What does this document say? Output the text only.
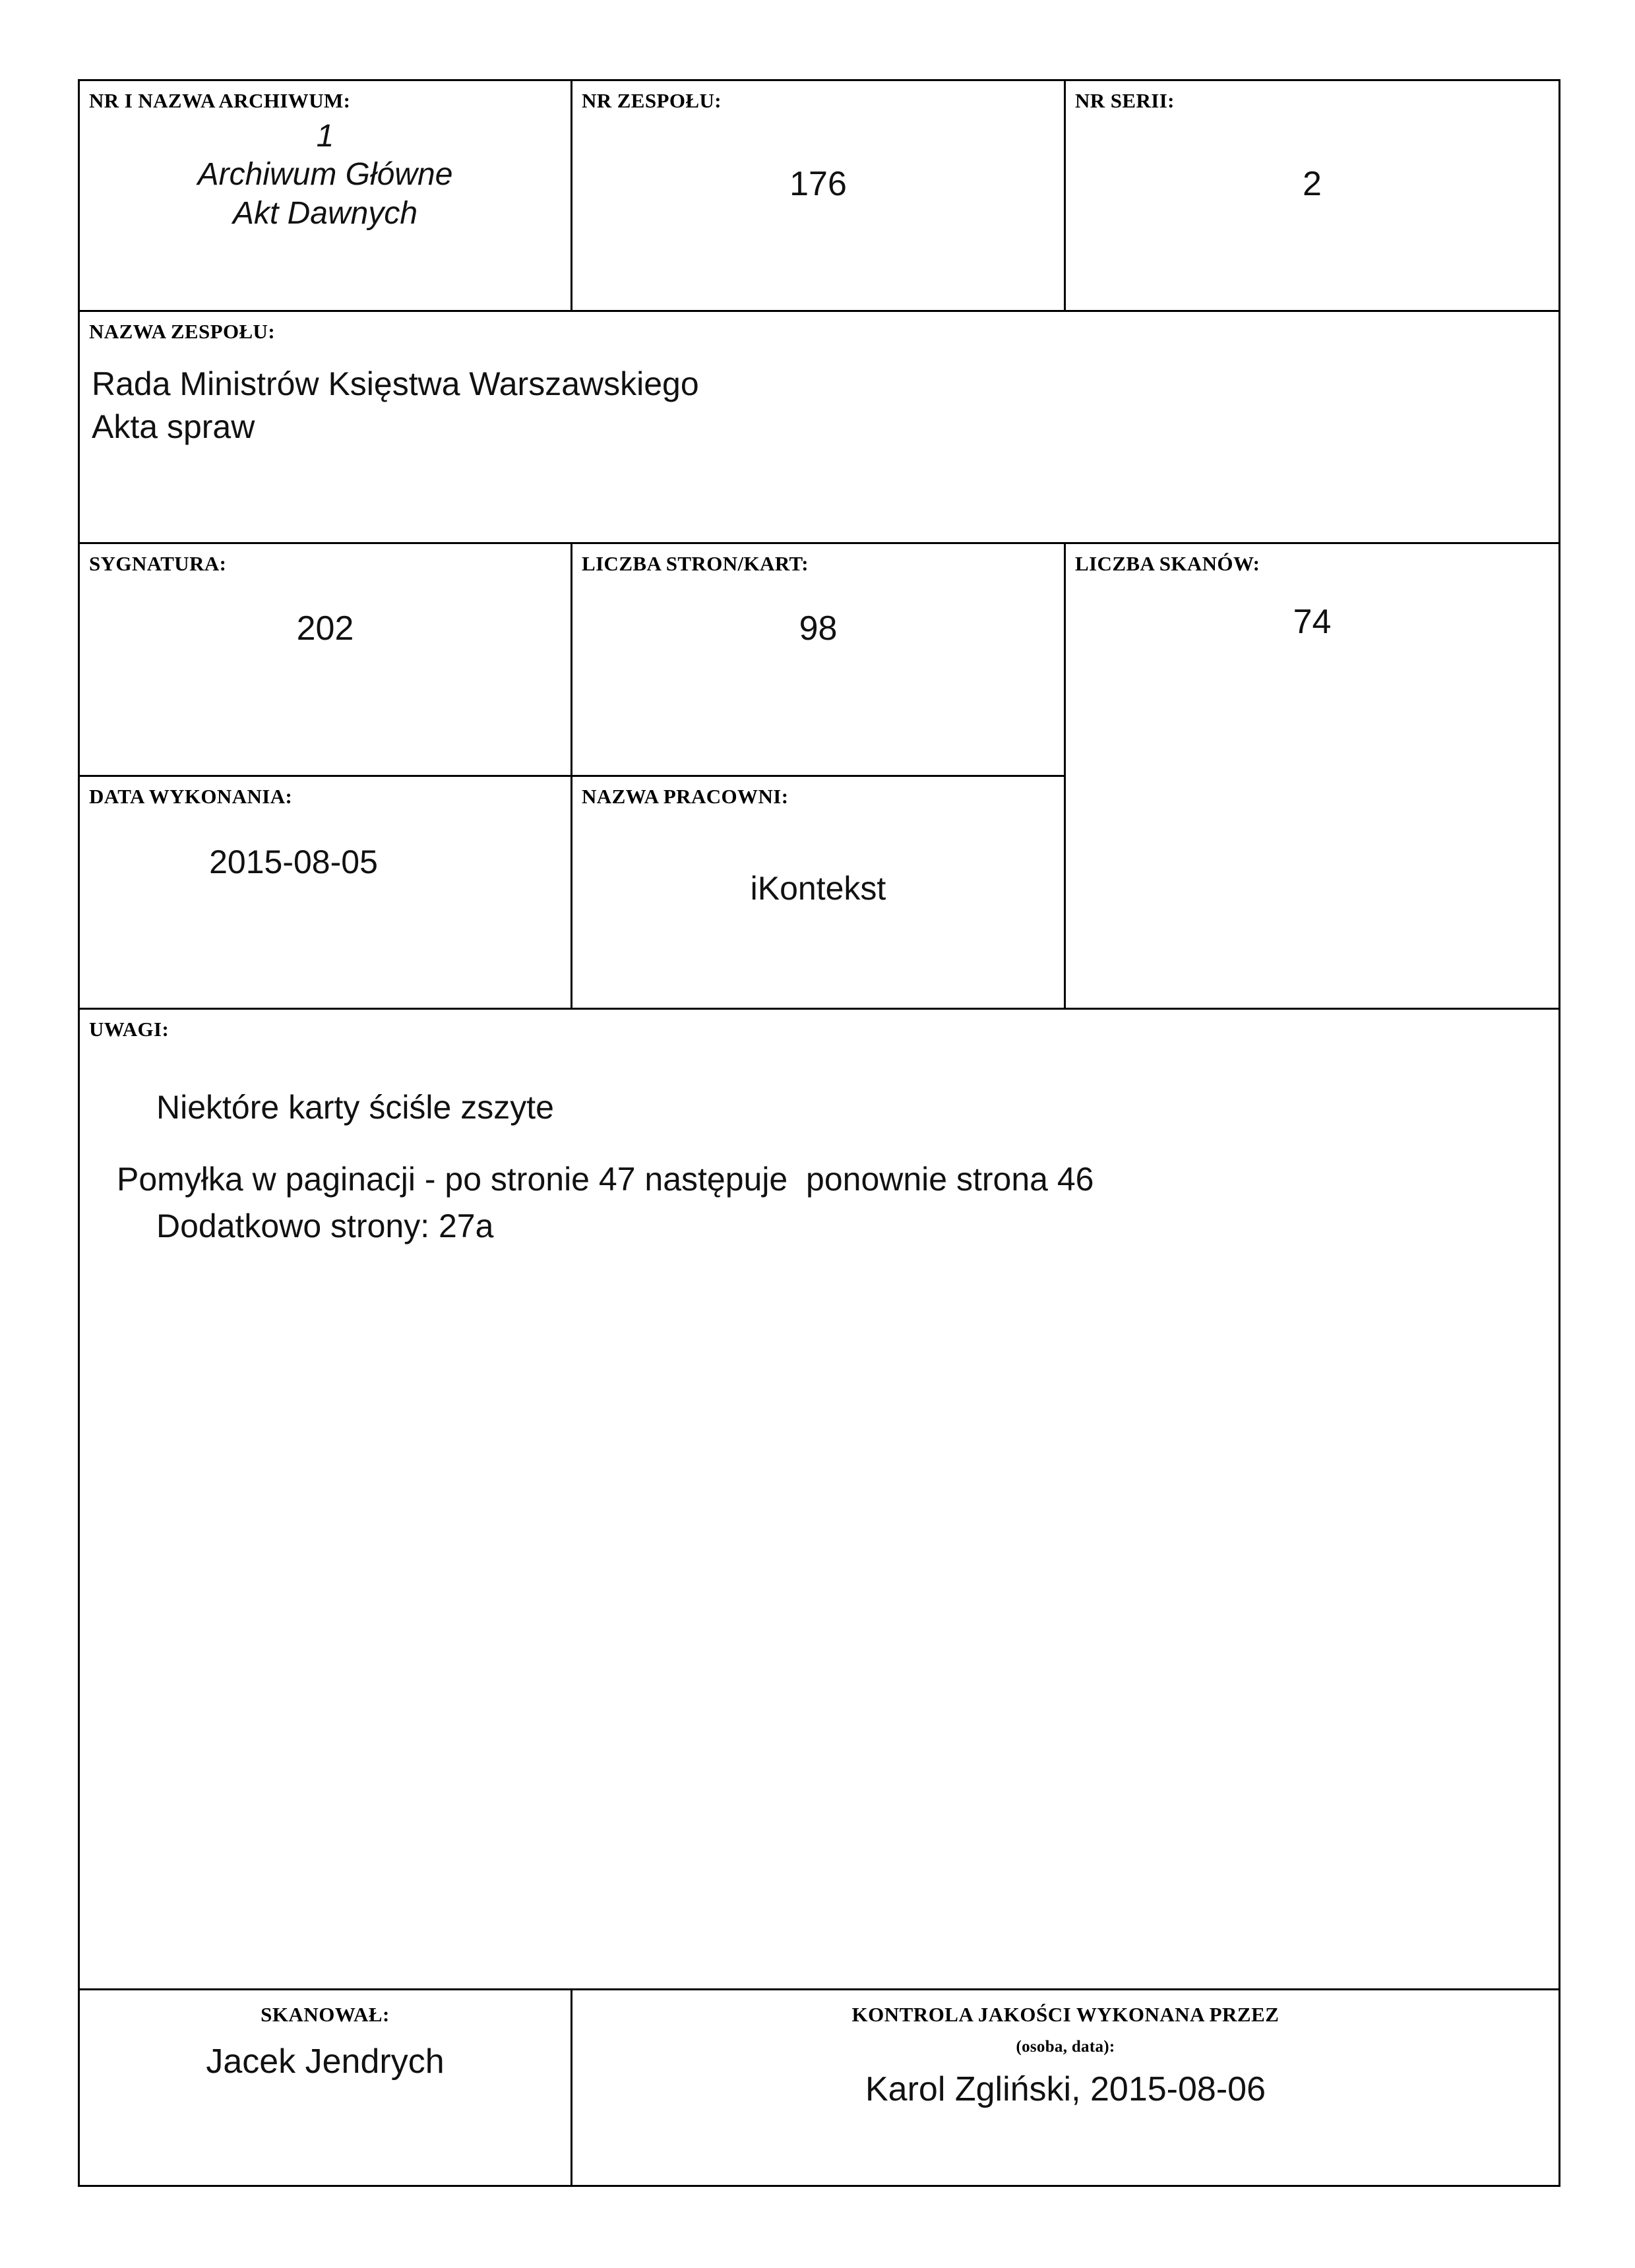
NR I NAZWA ARCHIWUM:
1
Archiwum Główne
Akt Dawnych

NR ZESPOŁU:
176

NR SERII:
2

NAZWA ZESPOŁU:
Rada Ministrów Księstwa Warszawskiego
Akta spraw		

SYGNATURA:
202

LICZBA STRON/KART:
98

LICZBA SKANÓW:
74

DATA WYKONANIA:
2015-08-05

NAZWA PRACOWNI:
iKontekst

UWAGI:
Niektóre karty ściśle zszyte
Pomyłka w paginacji - po stronie 47 następuje  ponownie strona 46
Dodatkowo strony: 27a		

SKANOWAŁ:
Jacek Jendrych

KONTROLA JAKOŚCI WYKONANA PRZEZ
(osoba, data):
Karol Zgliński, 2015-08-06
